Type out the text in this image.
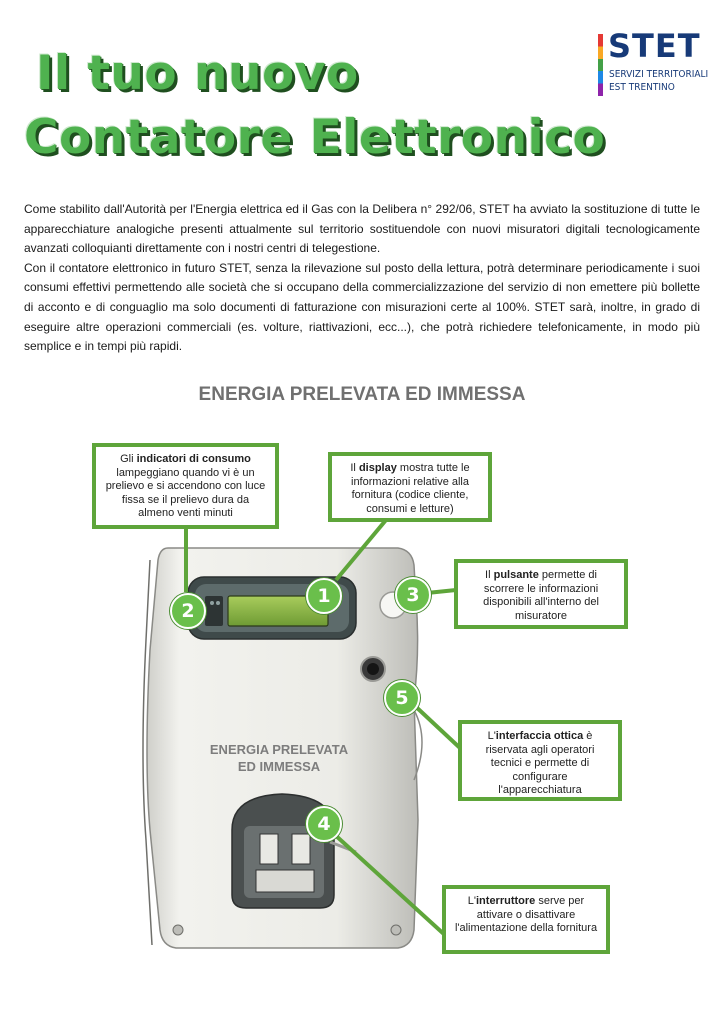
Il tuo nuovo
Contatore Elettronico
STET
SERVIZI TERRITORIALI
EST TRENTINO

Come stabilito dall'Autorità per l'Energia elettrica ed il Gas con la Delibera n° 292/06, STET ha avviato la sostituzione di tutte le apparecchiature analogiche presenti attualmente sul territorio sostituendole con nuovi misuratori digitali tecnologicamente avanzati colloquianti direttamente con i nostri centri di telegestione.

Con il contatore elettronico in futuro STET, senza la rilevazione sul posto della lettura, potrà determinare periodicamente i suoi consumi effettivi permettendo alle società che si occupano della commercializzazione del servizio di non emettere più bollette di acconto e di conguaglio ma solo documenti di fatturazione con misurazioni certe al 100%. STET sarà, inoltre, in grado di eseguire altre operazioni commerciali (es. volture, riattivazioni, ecc...), che potrà richiedere telefonicamente, in modo più semplice e in tempi più rapidi.

ENERGIA PRELEVATA ED IMMESSA
ENERGIA PRELEVATA
ED IMMESSA
1
2
3
4
5
Gli indicatori di consumo lampeggiano quando vi è un prelievo e si accendono con luce fissa se il prelievo dura da almeno venti minuti
Il display mostra tutte le informazioni relative alla fornitura (codice cliente, consumi e letture)
Il pulsante permette di scorrere le informazioni disponibili all'interno del misuratore
L'interfaccia ottica è riservata agli operatori tecnici e permette di configurare l'apparecchiatura
L'interruttore serve per attivare o disattivare l'alimentazione della fornitura
